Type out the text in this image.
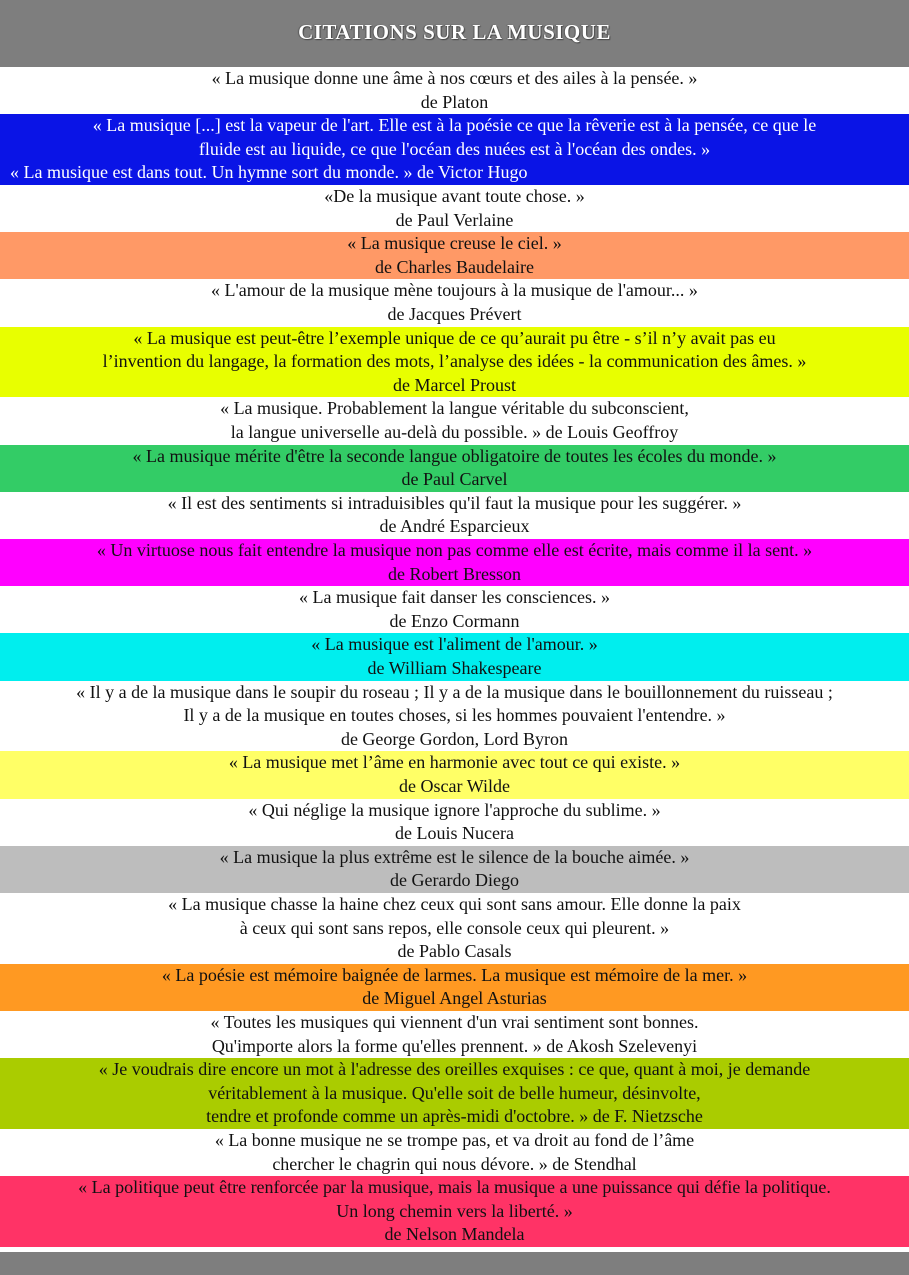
CITATIONS SUR LA MUSIQUE
« La musique donne une âme à nos cœurs et des ailes à la pensée. »
de Platon
« La musique [...] est la vapeur de l'art. Elle est à la poésie ce que la rêverie est à la pensée, ce que le
fluide est au liquide, ce que l'océan des nuées est à l'océan des ondes. »
« La musique est dans tout. Un hymne sort du monde. » de Victor Hugo
«De la musique avant toute chose. »
de Paul Verlaine
« La musique creuse le ciel. »
de Charles Baudelaire
« L'amour de la musique mène toujours à la musique de l'amour... »
de Jacques Prévert
« La musique est peut-être l’exemple unique de ce qu’aurait pu être - s’il n’y avait pas eu
l’invention du langage, la formation des mots, l’analyse des idées - la communication des âmes. »
de Marcel Proust
« La musique. Probablement la langue véritable du subconscient,
la langue universelle au-delà du possible. » de Louis Geoffroy
« La musique mérite d'être la seconde langue obligatoire de toutes les écoles du monde. »
de Paul Carvel
« Il est des sentiments si intraduisibles qu'il faut la musique pour les suggérer. »
de André Esparcieux
« Un virtuose nous fait entendre la musique non pas comme elle est écrite, mais comme il la sent. »
de Robert Bresson
« La musique fait danser les consciences. »
de Enzo Cormann
« La musique est l'aliment de l'amour. »
de William Shakespeare
« Il y a de la musique dans le soupir du roseau ; Il y a de la musique dans le bouillonnement du ruisseau ;
Il y a de la musique en toutes choses, si les hommes pouvaient l'entendre. »
de George Gordon, Lord Byron
« La musique met l’âme en harmonie avec tout ce qui existe. »
de Oscar Wilde
« Qui néglige la musique ignore l'approche du sublime. »
de Louis Nucera
« La musique la plus extrême est le silence de la bouche aimée. »
de Gerardo Diego
« La musique chasse la haine chez ceux qui sont sans amour. Elle donne la paix
à ceux qui sont sans repos, elle console ceux qui pleurent. »
de Pablo Casals
« La poésie est mémoire baignée de larmes. La musique est mémoire de la mer. »
de Miguel Angel Asturias
« Toutes les musiques qui viennent d'un vrai sentiment sont bonnes.
Qu'importe alors la forme qu'elles prennent. » de Akosh Szelevenyi
« Je voudrais dire encore un mot à l'adresse des oreilles exquises : ce que, quant à moi, je demande
véritablement à la musique. Qu'elle soit de belle humeur, désinvolte,
tendre et profonde comme un après-midi d'octobre. » de F. Nietzsche
« La bonne musique ne se trompe pas, et va droit au fond de l’âme
chercher le chagrin qui nous dévore. » de Stendhal
« La politique peut être renforcée par la musique, mais la musique a une puissance qui défie la politique.
Un long chemin vers la liberté. »
de Nelson Mandela
